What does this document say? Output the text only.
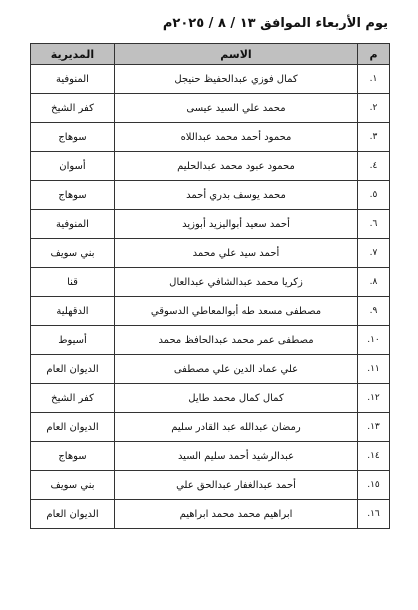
يوم الأربعاء الموافق ١٣ / ٨ / ٢٠٢٥م
م	الاسم	المديرية
١.	كمال فوزي عبدالحفيظ حنيجل	المنوفية
٢.	محمد علي السيد عيسى	كفر الشيخ
٣.	محمود أحمد محمد عبداللاه	سوهاج
٤.	محمود عبود محمد عبدالحليم	أسوان
٥.	محمد يوسف بدري أحمد	سوهاج
٦.	أحمد سعيد أبواليزيد أبوزيد	المنوفية
٧.	أحمد سيد علي محمد	بني سويف
٨.	زكريا محمد عبدالشافي عبدالعال	قنا
٩.	مصطفى مسعد طه أبوالمعاطي الدسوقي	الدقهلية
١٠.	مصطفى عمر محمد عبدالحافظ محمد	أسيوط
١١.	علي عماد الدين علي مصطفى	الديوان العام
١٢.	كمال كمال محمد طايل	كفر الشيخ
١٣.	رمضان عبدالله عبد القادر سليم	الديوان العام
١٤.	عبدالرشيد أحمد سليم السيد	سوهاج
١٥.	أحمد عبدالغفار عبدالحق علي	بني سويف
١٦.	ابراهيم محمد محمد ابراهيم	الديوان العام
